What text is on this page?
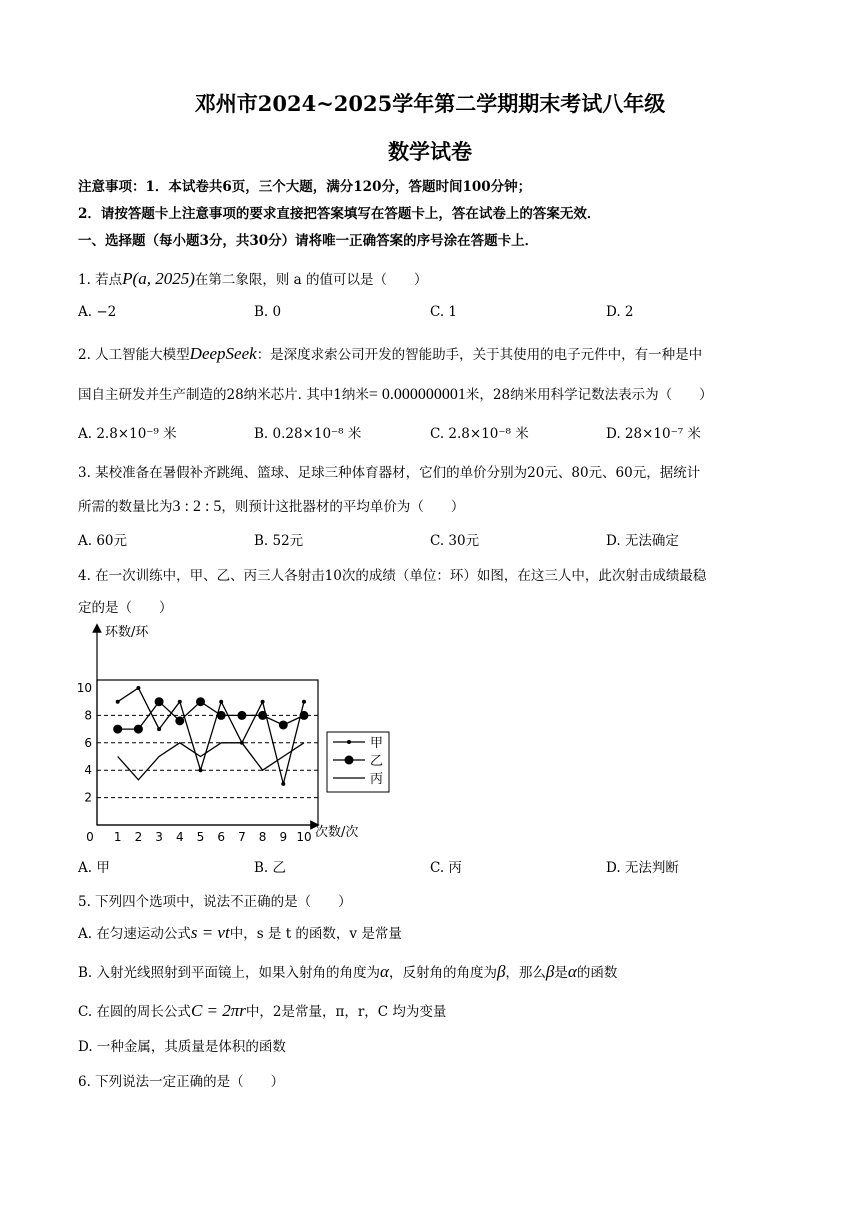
邓州市2024~2025学年第二学期期末考试八年级
数学试卷
注意事项：1．本试卷共6页，三个大题，满分120分，答题时间100分钟；
2．请按答题卡上注意事项的要求直接把答案填写在答题卡上，答在试卷上的答案无效．
一、选择题（每小题3分，共30分）请将唯一正确答案的序号涂在答题卡上．
1. 若点P(a, 2025)在第二象限，则 a 的值可以是（　　）
A. −2	B. 0	C. 1	D. 2
2. 人工智能大模型DeepSeek：是深度求索公司开发的智能助手，关于其使用的电子元件中，有一种是中
国自主研发并生产制造的28纳米芯片. 其中1纳米= 0.000000001米，28纳米用科学记数法表示为（　　）
A. 2.8×10⁻⁹ 米	B. 0.28×10⁻⁸ 米	C. 2.8×10⁻⁸ 米	D. 28×10⁻⁷ 米
3. 某校准备在暑假补齐跳绳、篮球、足球三种体育器材，它们的单价分别为20元、80元、60元，据统计
所需的数量比为3 : 2 : 5，则预计这批器材的平均单价为（　　）
A. 60元	B. 52元	C. 30元	D. 无法确定
4. 在一次训练中，甲、乙、丙三人各射击10次的成绩（单位：环）如图，在这三人中，此次射击成绩最稳
定的是（　　）
0 1 2 3 4 5 6 7 8 9 10
2
4
6
8
10
甲
乙
丙
环数/环
次数/次
A. 甲	B. 乙	C. 丙	D. 无法判断
5. 下列四个选项中，说法不正确的是（　　）
A. 在匀速运动公式s = vt中，s 是 t 的函数，v 是常量
B. 入射光线照射到平面镜上，如果入射角的角度为α，反射角的角度为β，那么β是α的函数
C. 在圆的周长公式C = 2πr中，2是常量，π，r，C 均为变量
D. 一种金属，其质量是体积的函数
6. 下列说法一定正确的是（　　）
